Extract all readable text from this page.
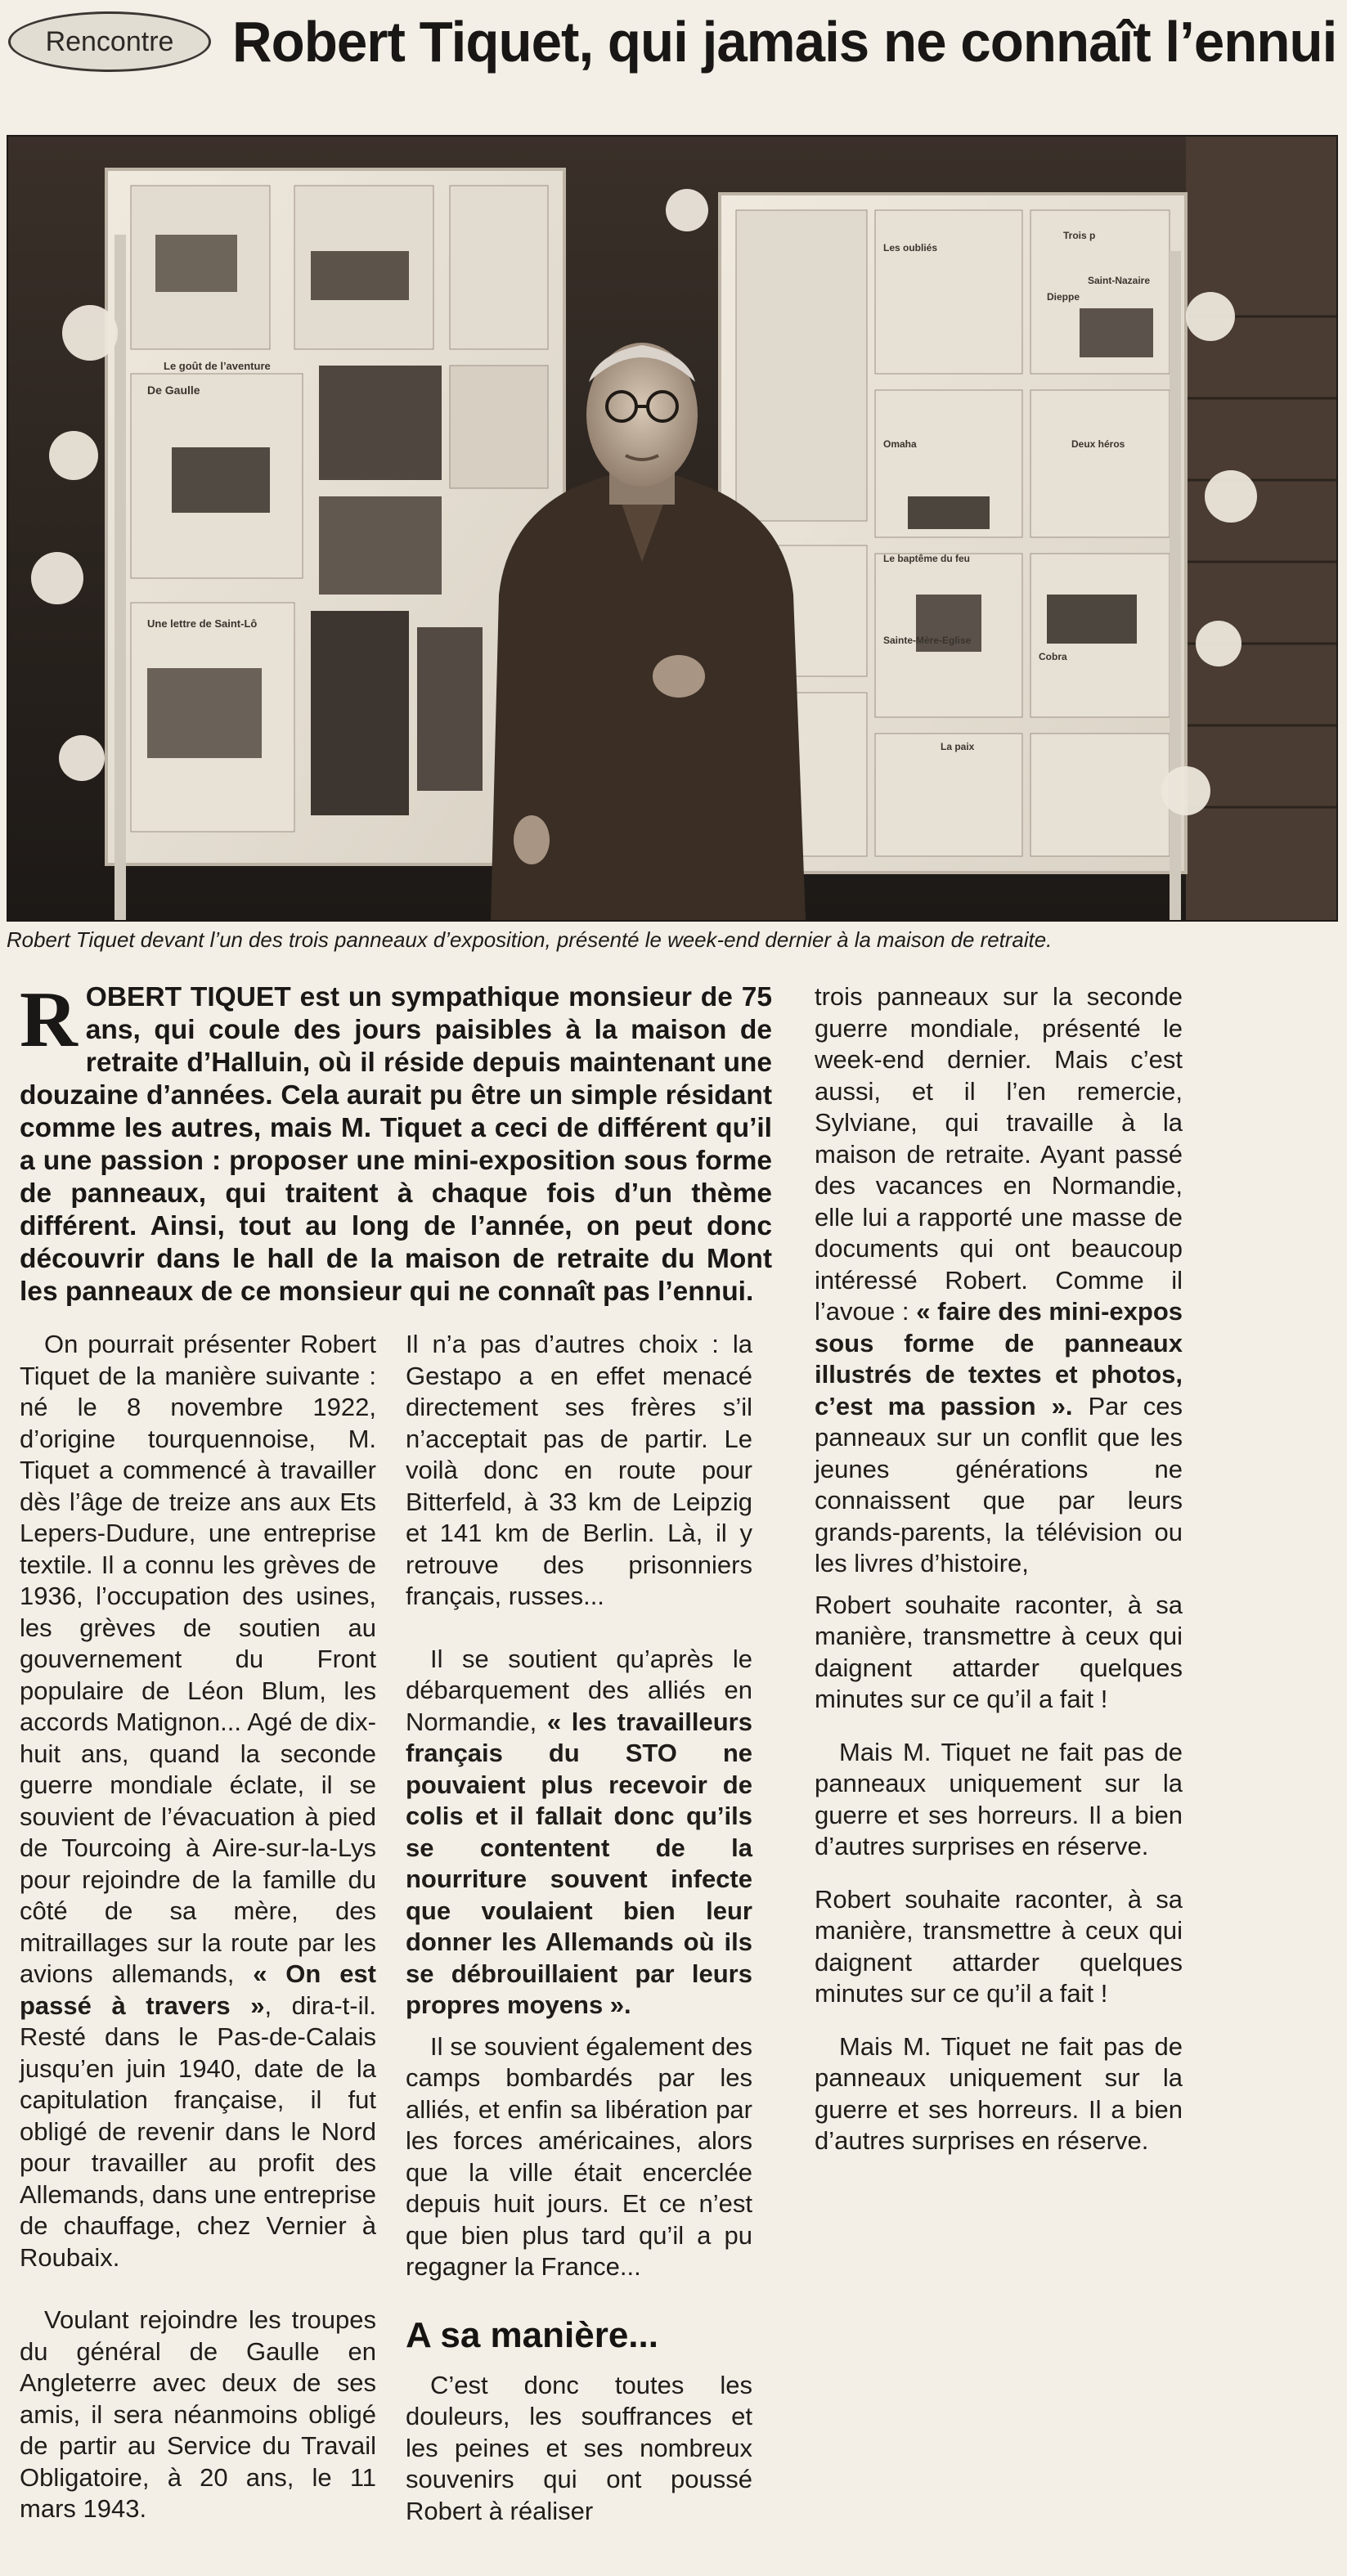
Rencontre Robert Tiquet, qui jamais ne connaît l’ennui
Le goût de l’aventure
De Gaulle
Une lettre de Saint-Lô
Les oubliés
Trois p
Saint-Nazaire
Dieppe
Omaha	Deux héros
Le baptême du feu
Sainte-Mère-Eglise
Cobra
La paix
Robert Tiquet devant l’un des trois panneaux d’exposition, présenté le week-end dernier à la maison de retraite.
ROBERT TIQUET est un sympathique monsieur de 75 ans, qui coule des jours paisibles à la maison de retraite d’Halluin, où il réside depuis maintenant une douzaine d’années. Cela aurait pu être un simple résidant comme les autres, mais M. Tiquet a ceci de différent qu’il a une passion : proposer une mini-exposition sous forme de panneaux, qui traitent à chaque fois d’un thème différent. Ainsi, tout au long de l’année, on peut donc découvrir dans le hall de la maison de retraite du Mont les panneaux de ce monsieur qui ne connaît pas l’ennui.

On pourrait présenter Robert Tiquet de la manière suivante : né le 8 novembre 1922, d’origine tourquennoise, M. Tiquet a commencé à travailler dès l’âge de treize ans aux Ets Lepers-Dudure, une entreprise textile. Il a connu les grèves de 1936, l’occupation des usines, les grèves de soutien au gouvernement du Front populaire de Léon Blum, les accords Matignon... Agé de dix-huit ans, quand la seconde guerre mondiale éclate, il se souvient de l’évacuation à pied de Tourcoing à Aire-sur-la-Lys pour rejoindre de la famille du côté de sa mère, des mitraillages sur la route par les avions allemands, « On est passé à travers », dira-t-il. Resté dans le Pas-de-Calais jusqu’en juin 1940, date de la capitulation française, il fut obligé de revenir dans le Nord pour travailler au profit des Allemands, dans une entreprise de chauffage, chez Vernier à Roubaix.

Voulant rejoindre les troupes du général de Gaulle en Angleterre avec deux de ses amis, il sera néanmoins obligé de partir au Service du Travail Obligatoire, à 20 ans, le 11 mars 1943.

Il n’a pas d’autres choix : la Gestapo a en effet menacé directement ses frères s’il n’acceptait pas de partir. Le voilà donc en route pour Bitterfeld, à 33 km de Leipzig et 141 km de Berlin. Là, il y retrouve des prisonniers français, russes...

Il se soutient qu’après le débarquement des alliés en Normandie, « les travailleurs français du STO ne pouvaient plus recevoir de colis et il fallait donc qu’ils se contentent de la nourriture souvent infecte que voulaient bien leur donner les Allemands où ils se débrouillaient par leurs propres moyens ».

Il se souvient également des camps bombardés par les alliés, et enfin sa libération par les forces américaines, alors que la ville était encerclée depuis huit jours. Et ce n’est que bien plus tard qu’il a pu regagner la France...

A sa manière...

C’est donc toutes les douleurs, les souffrances et les peines et ses nombreux souvenirs qui ont poussé Robert à réaliser

trois panneaux sur la seconde guerre mondiale, présenté le week-end dernier. Mais c’est aussi, et il l’en remercie, Sylviane, qui travaille à la maison de retraite. Ayant passé des vacances en Normandie, elle lui a rapporté une masse de documents qui ont beaucoup intéressé Robert. Comme il l’avoue : « faire des mini-expos sous forme de panneaux illustrés de textes et photos, c’est ma passion ». Par ces panneaux sur un conflit que les jeunes générations ne connaissent que par leurs grands-parents, la télévision ou les livres d’histoire,

Robert souhaite raconter, à sa manière, transmettre à ceux qui daignent attarder quelques minutes sur ce qu’il a fait !

Mais M. Tiquet ne fait pas de panneaux uniquement sur la guerre et ses horreurs. Il a bien d’autres surprises en réserve.

Robert souhaite raconter, à sa manière, transmettre à ceux qui daignent attarder quelques minutes sur ce qu’il a fait !

Mais M. Tiquet ne fait pas de panneaux uniquement sur la guerre et ses horreurs. Il a bien d’autres surprises en réserve.
